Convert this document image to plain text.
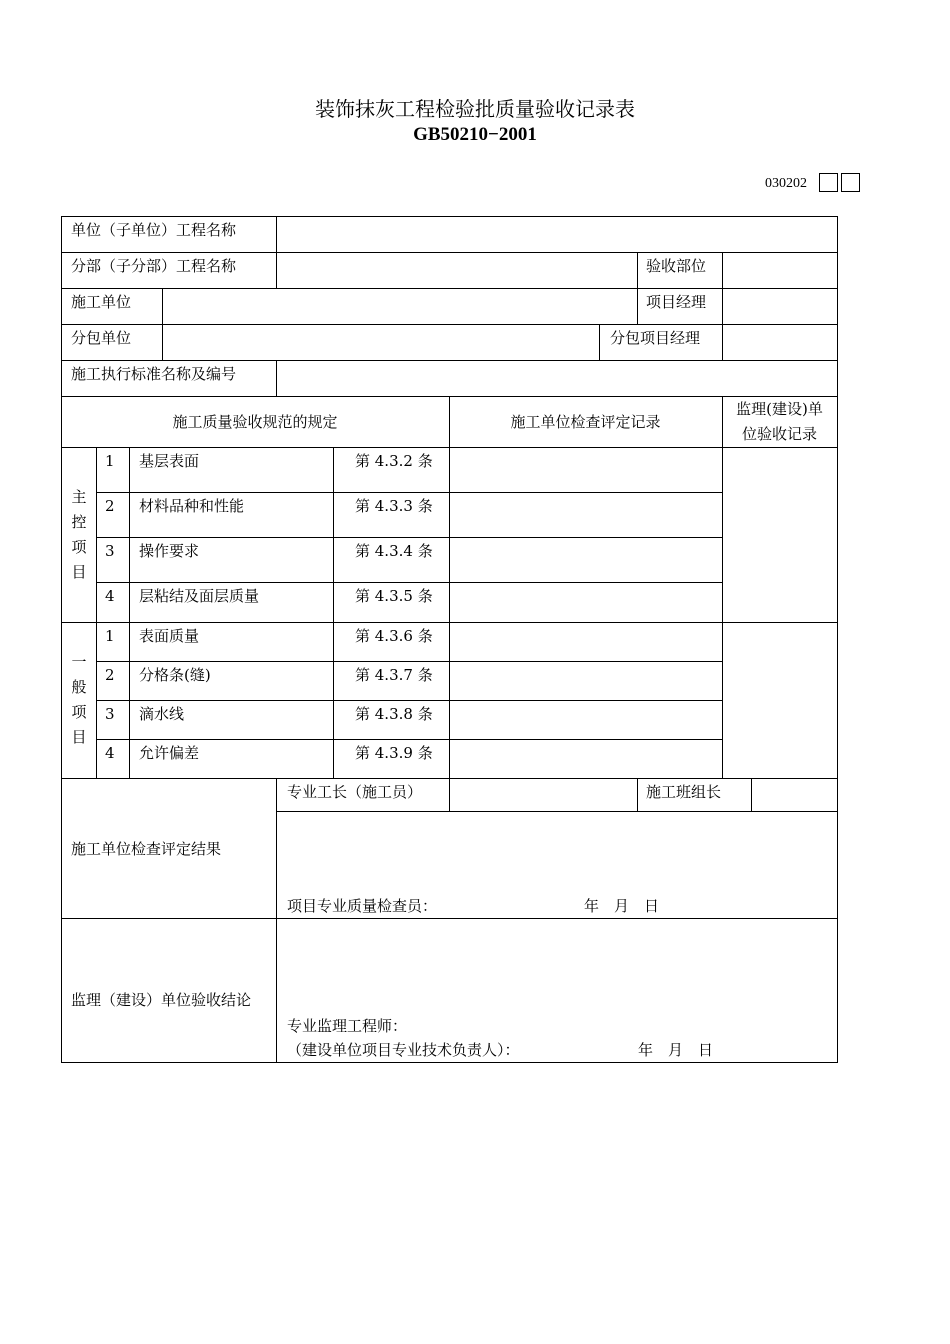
装饰抹灰工程检验批质量验收记录表
GB50210−2001
030202
单位（子单位）工程名称
分部（子分部）工程名称	验收部位
施工单位	项目经理
分包单位	分包项目经理
施工执行标准名称及编号
施工质量验收规范的规定	施工单位检查评定记录
监理(建设)单
位验收记录
主
控
项
目
1 基层表面	第 4.3.2 条
2 材料品种和性能	第 4.3.3 条
3 操作要求	第 4.3.4 条
4 层粘结及面层质量	第 4.3.5 条
一
般
项
目
1 表面质量	第 4.3.6 条
2 分格条(缝)	第 4.3.7 条
3 滴水线	第 4.3.8 条
4 允许偏差	第 4.3.9 条
施工单位检查评定结果
专业工长（施工员）	施工班组长
项目专业质量检查员：	年　月　日
监理（建设）单位验收结论
专业监理工程师：
（建设单位项目专业技术负责人）：	年　月　日
